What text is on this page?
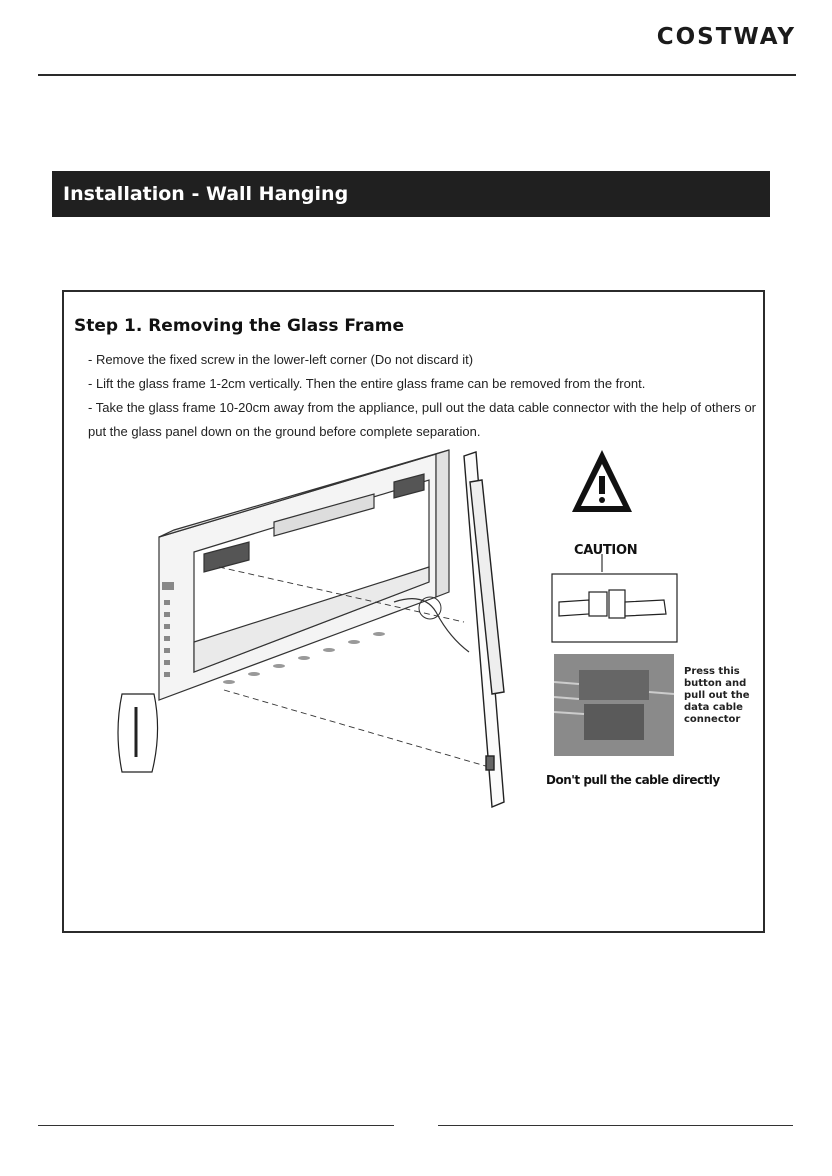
COSTWAY
Installation - Wall Hanging
Step 1. Removing the Glass Frame

- Remove the fixed screw in the lower-left corner (Do not discard it)

- Lift the glass frame 1-2cm vertically. Then the entire glass frame can be removed from the front.

- Take the glass frame 10-20cm away from the appliance, pull out the data cable connector with the help of others or put the glass panel down on the ground before complete separation.

CAUTION
Press this button and pull out the data cable connector
Don't pull the cable directly
